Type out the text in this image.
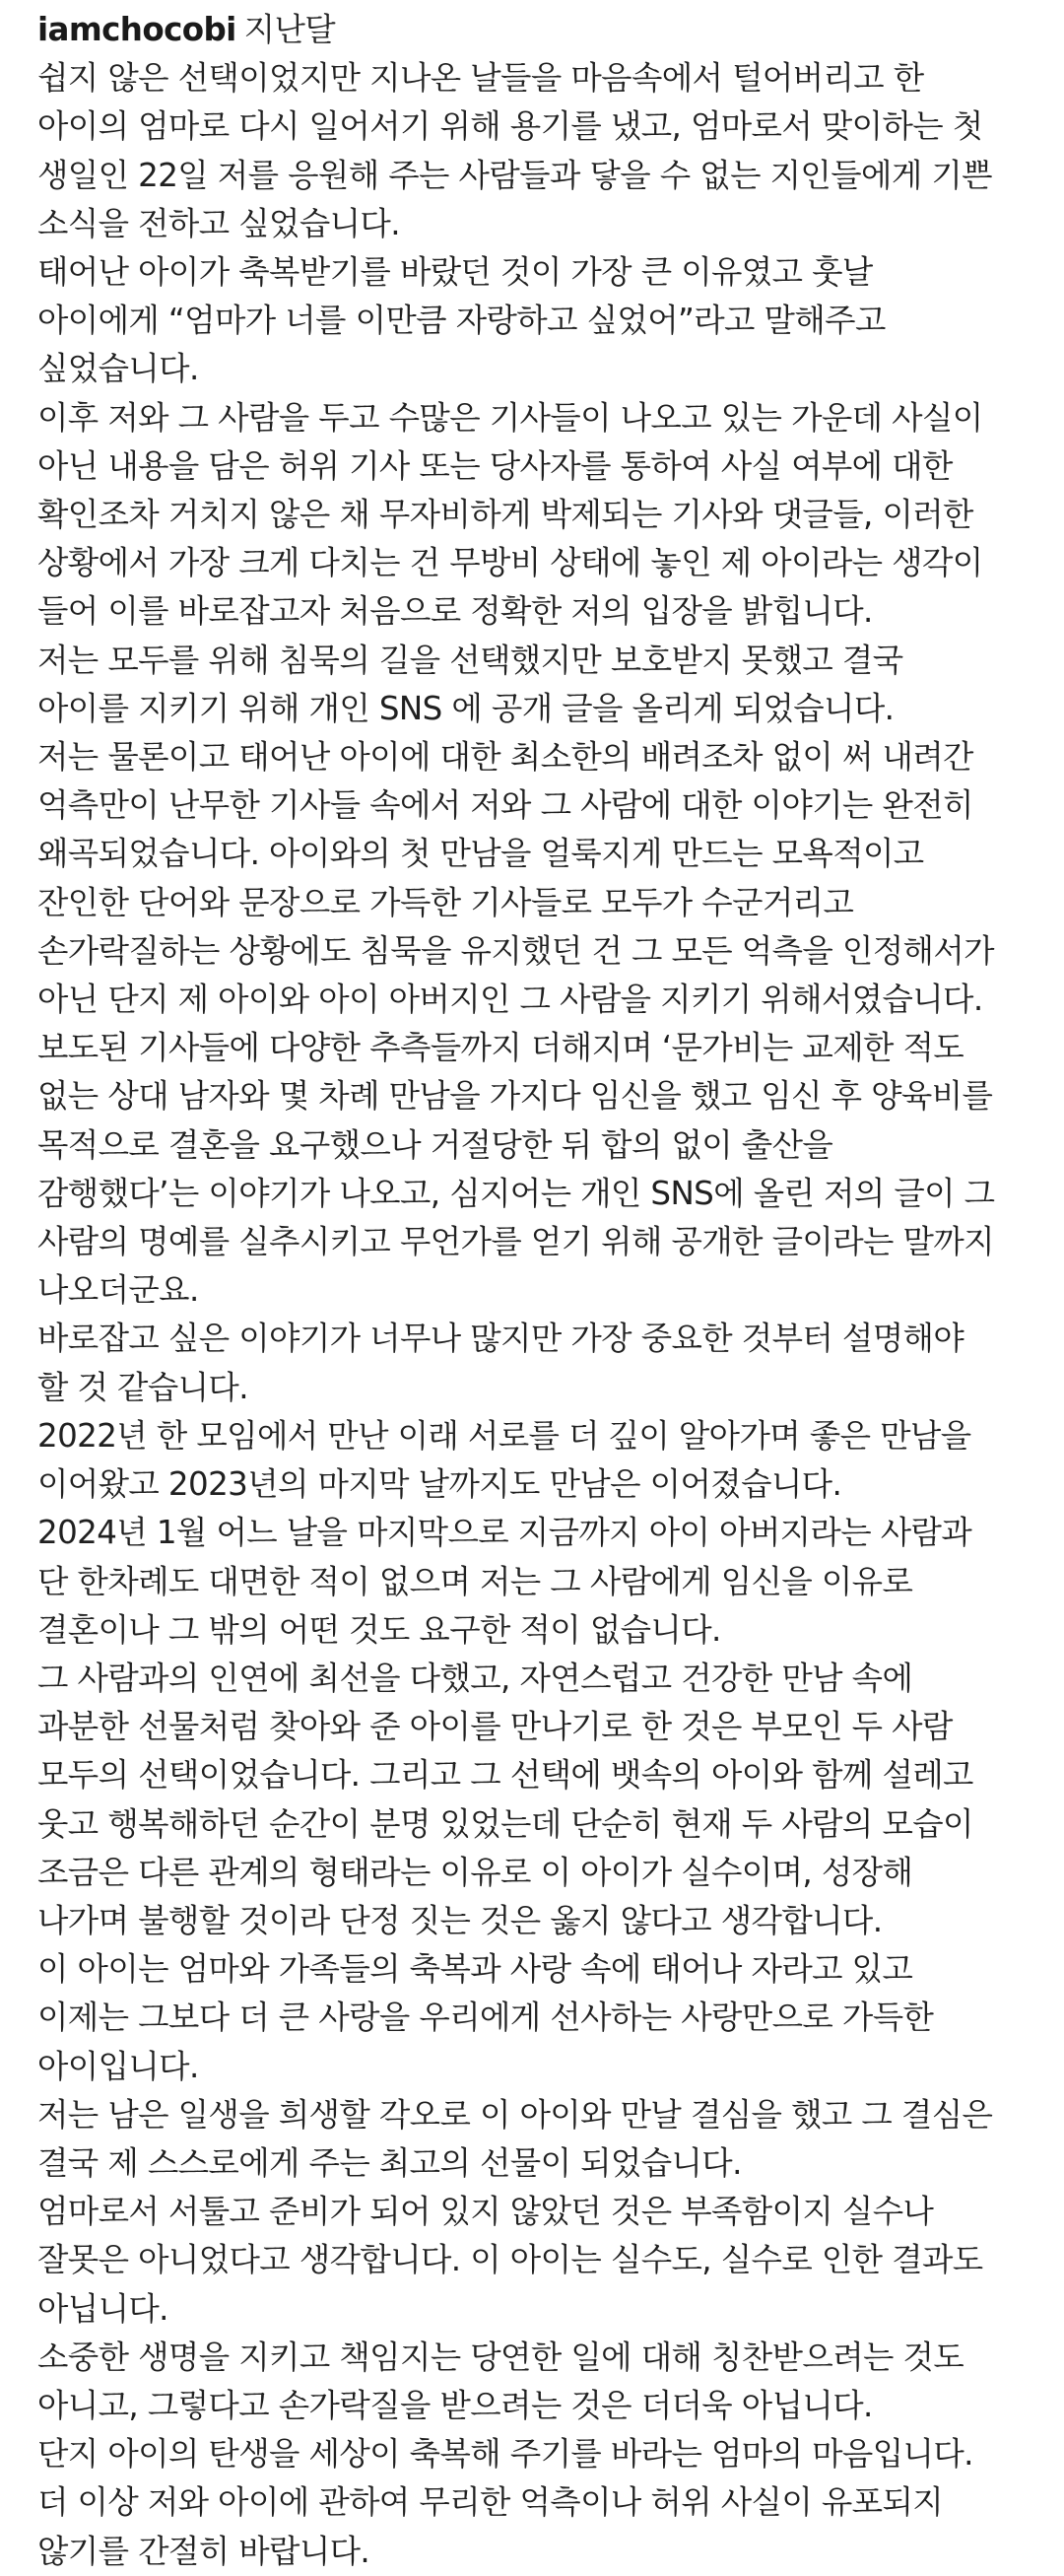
iamchocobi 지난달
쉽지 않은 선택이었지만 지나온 날들을 마음속에서 털어버리고 한
아이의 엄마로 다시 일어서기 위해 용기를 냈고, 엄마로서 맞이하는 첫
생일인 22일 저를 응원해 주는 사람들과 닿을 수 없는 지인들에게 기쁜
소식을 전하고 싶었습니다.
태어난 아이가 축복받기를 바랐던 것이 가장 큰 이유였고 훗날
아이에게 “엄마가 너를 이만큼 자랑하고 싶었어”라고 말해주고
싶었습니다.
이후 저와 그 사람을 두고 수많은 기사들이 나오고 있는 가운데 사실이
아닌 내용을 담은 허위 기사 또는 당사자를 통하여 사실 여부에 대한
확인조차 거치지 않은 채 무자비하게 박제되는 기사와 댓글들, 이러한
상황에서 가장 크게 다치는 건 무방비 상태에 놓인 제 아이라는 생각이
들어 이를 바로잡고자 처음으로 정확한 저의 입장을 밝힙니다.
저는 모두를 위해 침묵의 길을 선택했지만 보호받지 못했고 결국
아이를 지키기 위해 개인 SNS 에 공개 글을 올리게 되었습니다.
저는 물론이고 태어난 아이에 대한 최소한의 배려조차 없이 써 내려간
억측만이 난무한 기사들 속에서 저와 그 사람에 대한 이야기는 완전히
왜곡되었습니다. 아이와의 첫 만남을 얼룩지게 만드는 모욕적이고
잔인한 단어와 문장으로 가득한 기사들로 모두가 수군거리고
손가락질하는 상황에도 침묵을 유지했던 건 그 모든 억측을 인정해서가
아닌 단지 제 아이와 아이 아버지인 그 사람을 지키기 위해서였습니다.
보도된 기사들에 다양한 추측들까지 더해지며 ‘문가비는 교제한 적도
없는 상대 남자와 몇 차례 만남을 가지다 임신을 했고 임신 후 양육비를
목적으로 결혼을 요구했으나 거절당한 뒤 합의 없이 출산을
감행했다’는 이야기가 나오고, 심지어는 개인 SNS에 올린 저의 글이 그
사람의 명예를 실추시키고 무언가를 얻기 위해 공개한 글이라는 말까지
나오더군요.
바로잡고 싶은 이야기가 너무나 많지만 가장 중요한 것부터 설명해야
할 것 같습니다.
2022년 한 모임에서 만난 이래 서로를 더 깊이 알아가며 좋은 만남을
이어왔고 2023년의 마지막 날까지도 만남은 이어졌습니다.
2024년 1월 어느 날을 마지막으로 지금까지 아이 아버지라는 사람과
단 한차례도 대면한 적이 없으며 저는 그 사람에게 임신을 이유로
결혼이나 그 밖의 어떤 것도 요구한 적이 없습니다.
그 사람과의 인연에 최선을 다했고, 자연스럽고 건강한 만남 속에
과분한 선물처럼 찾아와 준 아이를 만나기로 한 것은 부모인 두 사람
모두의 선택이었습니다. 그리고 그 선택에 뱃속의 아이와 함께 설레고
웃고 행복해하던 순간이 분명 있었는데 단순히 현재 두 사람의 모습이
조금은 다른 관계의 형태라는 이유로 이 아이가 실수이며, 성장해
나가며 불행할 것이라 단정 짓는 것은 옳지 않다고 생각합니다.
이 아이는 엄마와 가족들의 축복과 사랑 속에 태어나 자라고 있고
이제는 그보다 더 큰 사랑을 우리에게 선사하는 사랑만으로 가득한
아이입니다.
저는 남은 일생을 희생할 각오로 이 아이와 만날 결심을 했고 그 결심은
결국 제 스스로에게 주는 최고의 선물이 되었습니다.
엄마로서 서툴고 준비가 되어 있지 않았던 것은 부족함이지 실수나
잘못은 아니었다고 생각합니다. 이 아이는 실수도, 실수로 인한 결과도
아닙니다.
소중한 생명을 지키고 책임지는 당연한 일에 대해 칭찬받으려는 것도
아니고, 그렇다고 손가락질을 받으려는 것은 더더욱 아닙니다.
단지 아이의 탄생을 세상이 축복해 주기를 바라는 엄마의 마음입니다.
더 이상 저와 아이에 관하여 무리한 억측이나 허위 사실이 유포되지
않기를 간절히 바랍니다.
